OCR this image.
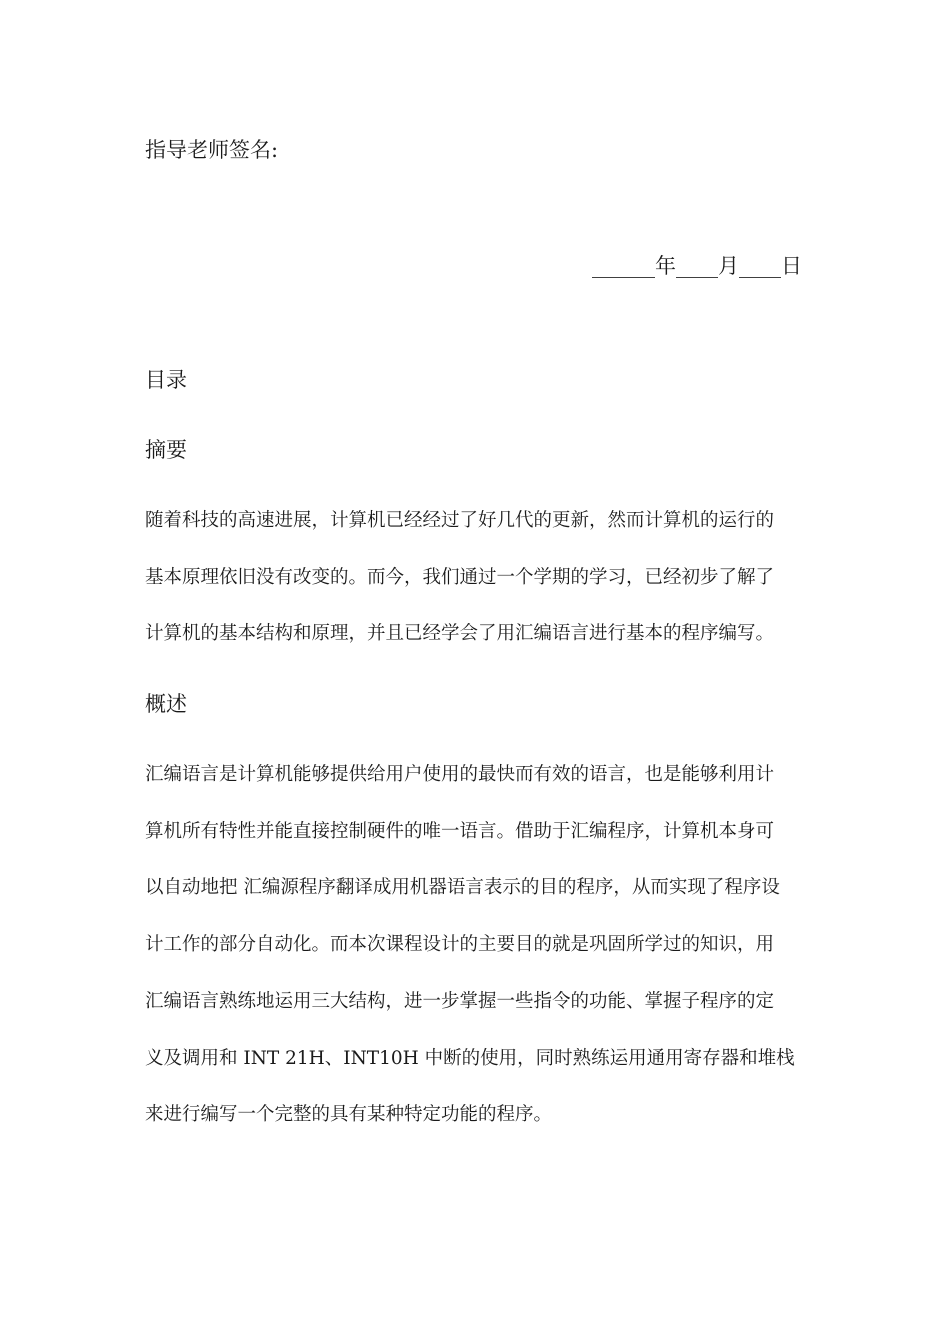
指导老师签名:
______年____月____日
目录
摘要

随着科技的高速进展，计算机已经经过了好几代的更新，然而计算机的运行的

基本原理依旧没有改变的。而今，我们通过一个学期的学习，已经初步了解了

计算机的基本结构和原理，并且已经学会了用汇编语言进行基本的程序编写。

概述

汇编语言是计算机能够提供给用户使用的最快而有效的语言，也是能够利用计

算机所有特性并能直接控制硬件的唯一语言。借助于汇编程序，计算机本身可

以自动地把 汇编源程序翻译成用机器语言表示的目的程序，从而实现了程序设

计工作的部分自动化。而本次课程设计的主要目的就是巩固所学过的知识，用

汇编语言熟练地运用三大结构，进一步掌握一些指令的功能、掌握子程序的定

义及调用和 INT 21H、INT10H 中断的使用，同时熟练运用通用寄存器和堆栈

来进行编写一个完整的具有某种特定功能的程序。
